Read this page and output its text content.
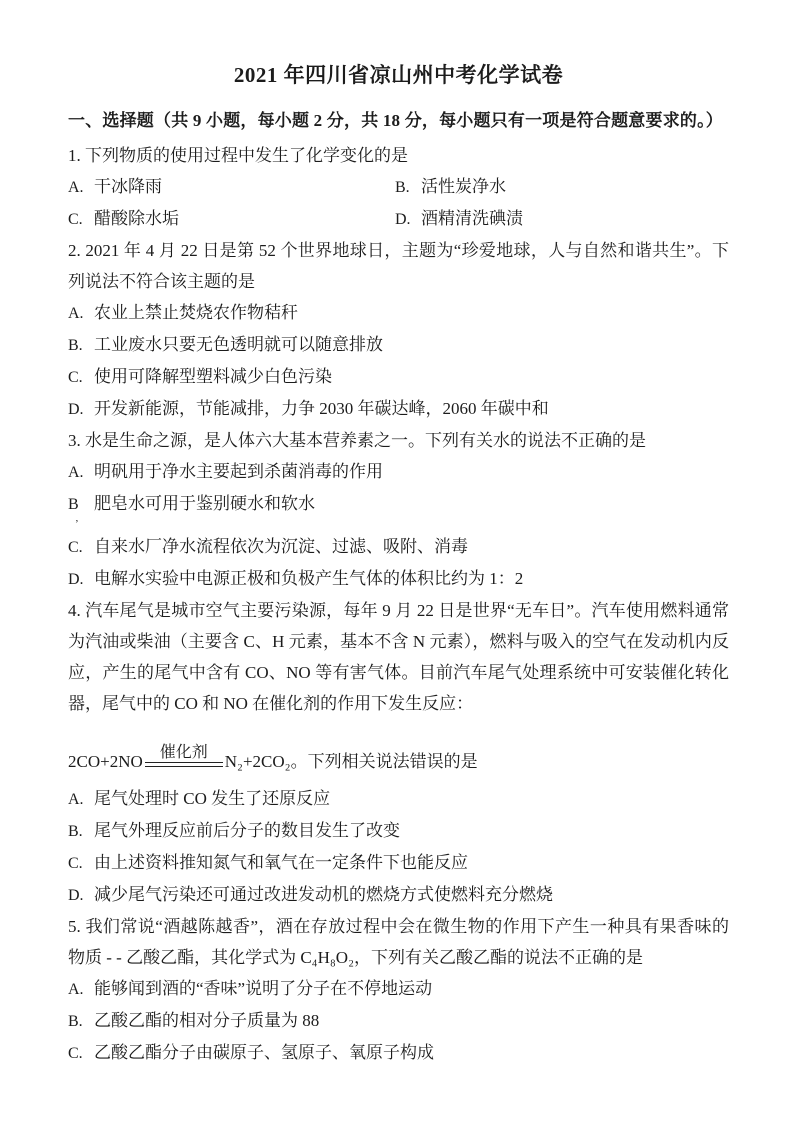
2021 年四川省凉山州中考化学试卷

一、选择题（共 9 小题，每小题 2 分，共 18 分，每小题只有一项是符合题意要求的。）

1. 下列物质的使用过程中发生了化学变化的是

A. 干冰降雨	B. 活性炭净水
C. 醋酸除水垢	D. 酒精清洗碘渍

2. 2021 年 4 月 22 日是第 52 个世界地球日，主题为“珍爱地球，人与自然和谐共生”。下列说法不符合该主题的是

A. 农业上禁止焚烧农作物秸秆
B. 工业废水只要无色透明就可以随意排放
C. 使用可降解型塑料减少白色污染
D. 开发新能源，节能减排，力争 2030 年碳达峰，2060 年碳中和

3. 水是生命之源，是人体六大基本营养素之一。下列有关水的说法不正确的是

A. 明矾用于净水主要起到杀菌消毒的作用
B 肥皂水可用于鉴别硬水和软水
’
C. 自来水厂净水流程依次为沉淀、过滤、吸附、消毒
D. 电解水实验中电源正极和负极产生气体的体积比约为 1：2

4. 汽车尾气是城市空气主要污染源，每年 9 月 22 日是世界“无车日”。汽车使用燃料通常为汽油或柴油（主要含 C、H 元素，基本不含 N 元素），燃料与吸入的空气在发动机内反应，产生的尾气中含有 CO、NO 等有害气体。目前汽车尾气处理系统中可安装催化转化器，尾气中的 CO 和 NO 在催化剂的作用下发生反应：

2CO+2NO 催化剂 N₂+2CO₂。下列相关说法错误的是
A. 尾气处理时 CO 发生了还原反应
B. 尾气外理反应前后分子的数目发生了改变
C. 由上述资料推知氮气和氧气在一定条件下也能反应
D. 减少尾气污染还可通过改进发动机的燃烧方式使燃料充分燃烧

5. 我们常说“酒越陈越香”，酒在存放过程中会在微生物的作用下产生一种具有果香味的物质 - - 乙酸乙酯，其化学式为 C₄H₈O₂，下列有关乙酸乙酯的说法不正确的是

A. 能够闻到酒的“香味”说明了分子在不停地运动
B. 乙酸乙酯的相对分子质量为 88
C. 乙酸乙酯分子由碳原子、氢原子、氧原子构成
